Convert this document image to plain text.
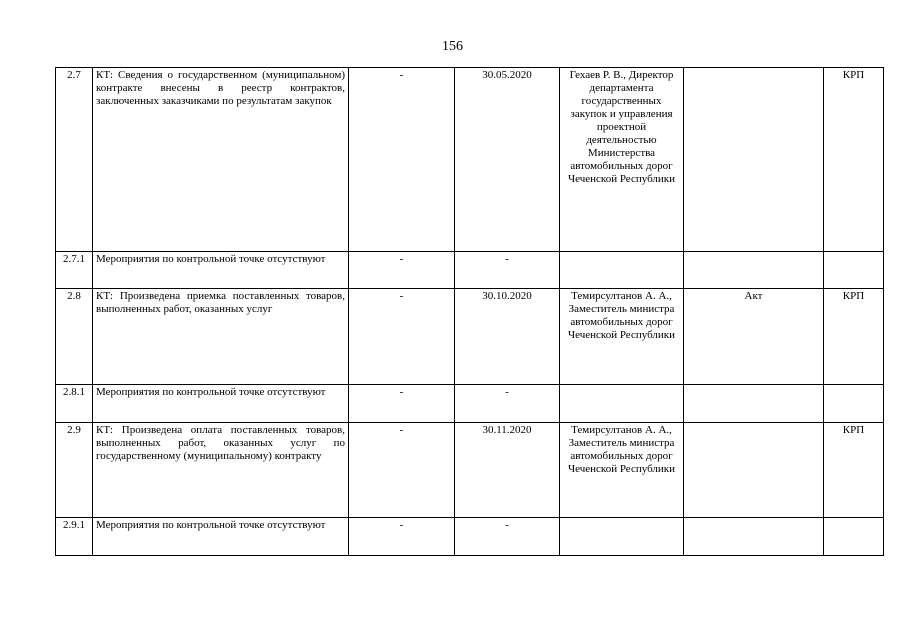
156
2.7	КТ: Сведения о государственном (муниципальном) контракте внесены в реестр контрактов, заключенных заказчиками по результатам закупок	-	30.05.2020	Гехаев Р. В., Директор департамента государственных закупок и управления проектной деятельностью Министерства автомобильных дорог Чеченской Республики		КРП
2.7.1	Мероприятия по контрольной точке отсутствуют	-	-			
2.8	КТ: Произведена приемка поставленных товаров, выполненных работ, оказанных услуг	-	30.10.2020	Темирсултанов А. А., Заместитель министра автомобильных дорог Чеченской Республики	Акт	КРП
2.8.1	Мероприятия по контрольной точке отсутствуют	-	-			
2.9	КТ: Произведена оплата поставленных товаров, выполненных работ, оказанных услуг по государственному (муниципальному) контракту	-	30.11.2020	Темирсултанов А. А., Заместитель министра автомобильных дорог Чеченской Республики		КРП
2.9.1	Мероприятия по контрольной точке отсутствуют	-	-			
